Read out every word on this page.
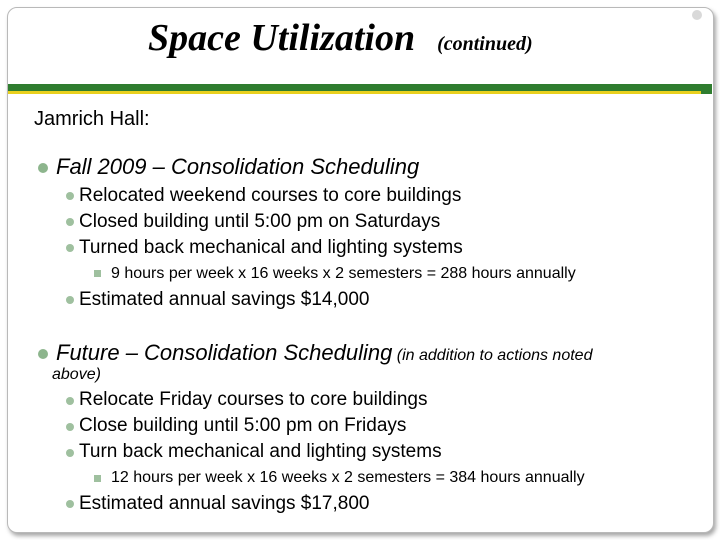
Space Utilization (continued)
Jamrich Hall:
Fall 2009 – Consolidation Scheduling
Relocated weekend courses to core buildings
Closed building until 5:00 pm on Saturdays
Turned back mechanical and lighting systems
9 hours per week x 16 weeks x 2 semesters = 288 hours annually
Estimated annual savings $14,000
Future – Consolidation Scheduling (in addition to actions noted
above)
Relocate Friday courses to core buildings
Close building until 5:00 pm on Fridays
Turn back mechanical and lighting systems
12 hours per week x 16 weeks x 2 semesters = 384 hours annually
Estimated annual savings $17,800
